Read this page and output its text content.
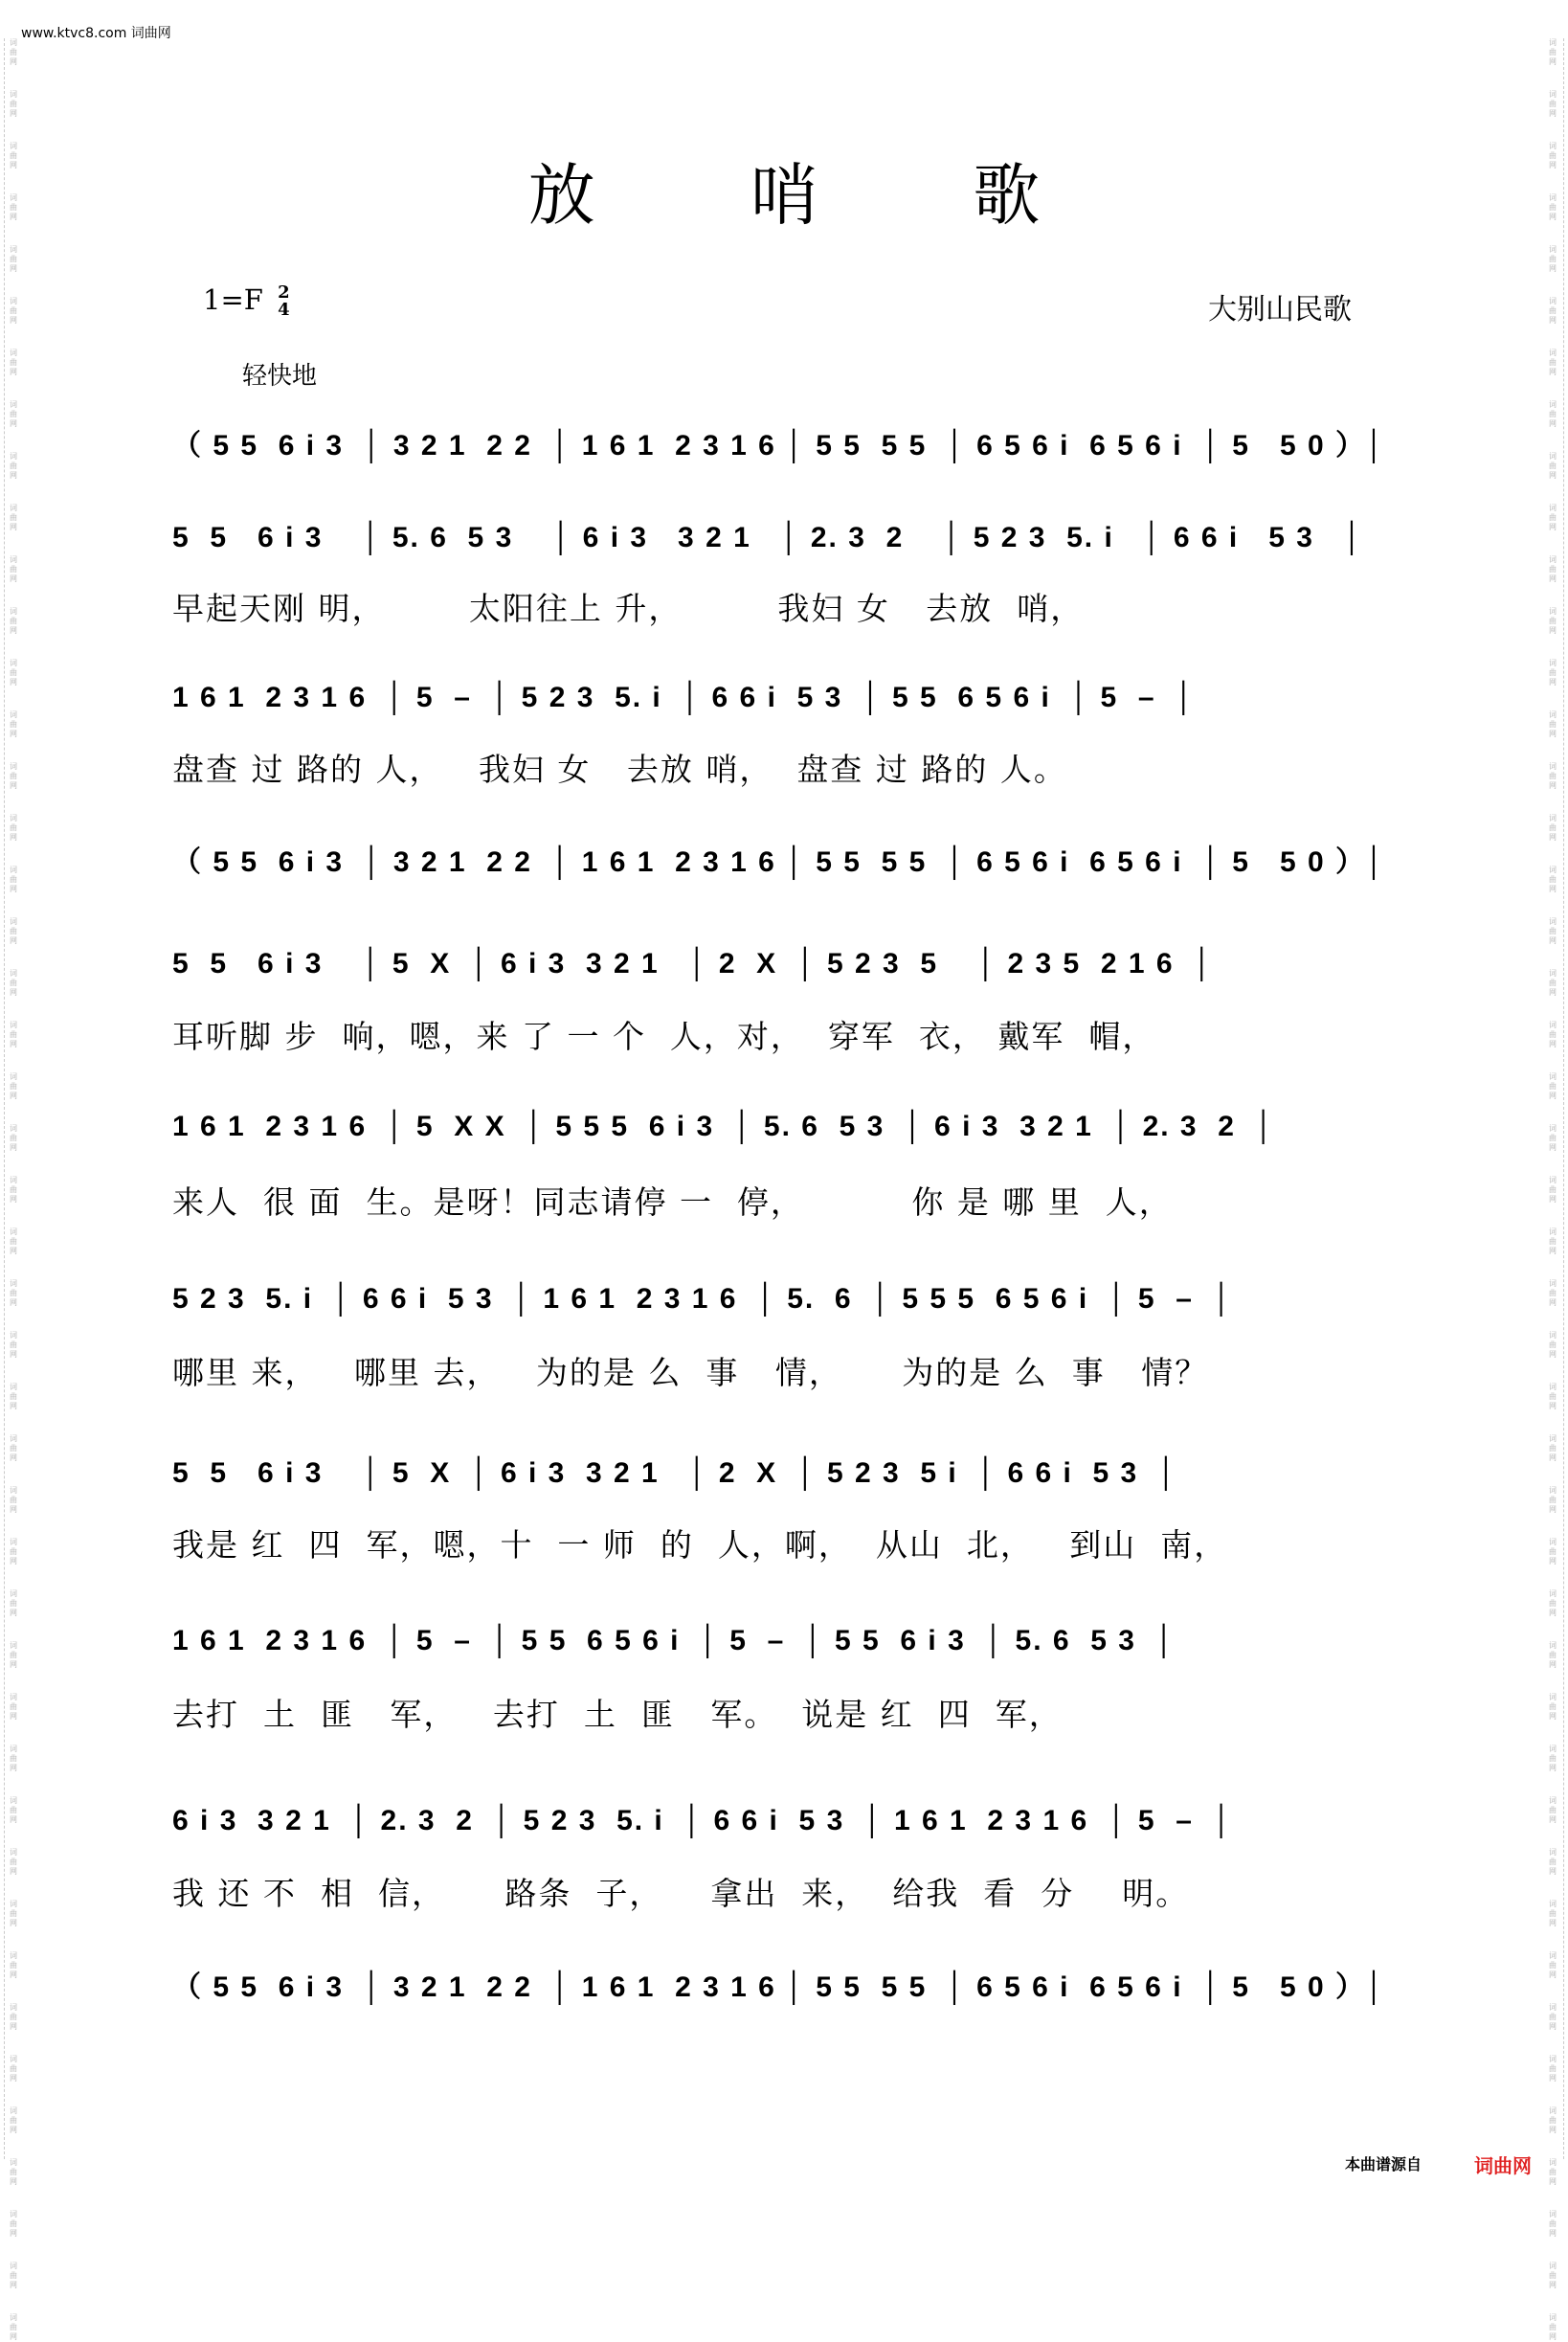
www.ktvc8.com 词曲网
词曲网
词曲网
词曲网
词曲网
词曲网
词曲网
词曲网
词曲网
词曲网
词曲网
词曲网
词曲网
词曲网
词曲网
词曲网
词曲网
词曲网
词曲网
词曲网
词曲网
词曲网
词曲网
词曲网
词曲网
词曲网
词曲网
词曲网
词曲网
词曲网
词曲网
词曲网
词曲网
词曲网
词曲网
词曲网
词曲网
词曲网
词曲网
词曲网
词曲网
词曲网
词曲网
词曲网
词曲网
词曲网
词曲网
词曲网
词曲网
词曲网
词曲网
词曲网
词曲网
词曲网
词曲网
词曲网
词曲网
词曲网
词曲网
词曲网
词曲网
词曲网
词曲网
词曲网
词曲网
词曲网
词曲网
词曲网
词曲网
词曲网
词曲网
词曲网
词曲网
词曲网
词曲网
词曲网
词曲网
词曲网
词曲网
词曲网
词曲网
词曲网
词曲网
词曲网
词曲网
词曲网
词曲网
词曲网
词曲网
词曲网
词曲网
放 哨 歌
1=F 2
4	大别山民歌
轻快地

（ 5 5  6 i 3  │ 3 2 1  2 2  │ 1 6 1  2 3 1 6 │ 5 5  5 5  │ 6 5 6 i  6 5 6 i  │ 5   5 0 ）│

5  5   6 i 3    │ 5. 6  5 3    │ 6 i 3   3 2 1   │ 2. 3  2    │ 5 2 3  5. i   │ 6 6 i   5 3   │

早起天刚 明，       太阳往上 升，        我妇 女   去放  哨，

1 6 1  2 3 1 6  │ 5  –  │ 5 2 3  5. i  │ 6 6 i  5 3  │ 5 5  6 5 6 i  │ 5  –  │

盘查 过 路的 人，   我妇 女   去放 哨，  盘查 过 路的 人。

（ 5 5  6 i 3  │ 3 2 1  2 2  │ 1 6 1  2 3 1 6 │ 5 5  5 5  │ 6 5 6 i  6 5 6 i  │ 5   5 0 ）│

5  5   6 i 3    │ 5  X  │ 6 i 3  3 2 1   │ 2  X  │ 5 2 3  5    │ 2 3 5  2 1 6  │

耳听脚 步  响，嗯，来 了 一 个  人，对，  穿军  衣， 戴军  帽，

1 6 1  2 3 1 6  │ 5  X X  │ 5 5 5  6 i 3  │ 5. 6  5 3  │ 6 i 3  3 2 1  │ 2. 3  2  │

来人  很 面  生。是呀！同志请停 一  停，         你 是 哪 里  人，

5 2 3  5. i  │ 6 6 i  5 3  │ 1 6 1  2 3 1 6  │ 5.  6  │ 5 5 5  6 5 6 i  │ 5  –  │

哪里 来，   哪里 去，   为的是 么  事   情，     为的是 么  事   情？

5  5   6 i 3    │ 5  X  │ 6 i 3  3 2 1   │ 2  X  │ 5 2 3  5 i  │ 6 6 i  5 3  │

我是 红  四  军，嗯，十  一 师  的  人，啊，  从山  北，   到山  南，

1 6 1  2 3 1 6  │ 5  –  │ 5 5  6 5 6 i  │ 5  –  │ 5 5  6 i 3  │ 5. 6  5 3  │

去打  土  匪   军，   去打  土  匪   军。  说是 红  四  军，

6 i 3  3 2 1  │ 2. 3  2  │ 5 2 3  5. i  │ 6 6 i  5 3  │ 1 6 1  2 3 1 6  │ 5  –  │

我 还 不  相  信，     路条  子，    拿出  来，  给我  看  分    明。

（ 5 5  6 i 3  │ 3 2 1  2 2  │ 1 6 1  2 3 1 6 │ 5 5  5 5  │ 6 5 6 i  6 5 6 i  │ 5   5 0 ）│

本曲谱源自	词曲网
